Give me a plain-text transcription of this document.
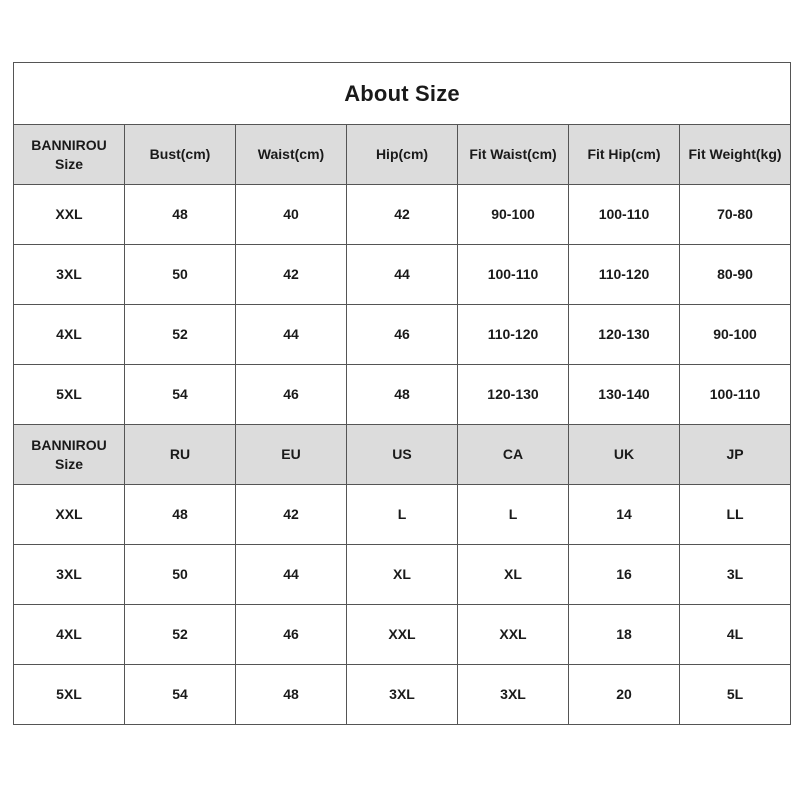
About Size						

BANNIROU
Size	Bust(cm)	Waist(cm)	Hip(cm)	Fit Waist(cm)	Fit Hip(cm)	Fit Weight(kg)
XXL	48	40	42	90-100	100-110	70-80
3XL	50	42	44	100-110	110-120	80-90
4XL	52	44	46	110-120	120-130	90-100
5XL	54	46	48	120-130	130-140	100-110

BANNIROU
Size	RU	EU	US	CA	UK	JP
XXL	48	42	L	L	14	LL
3XL	50	44	XL	XL	16	3L
4XL	52	46	XXL	XXL	18	4L
5XL	54	48	3XL	3XL	20	5L
